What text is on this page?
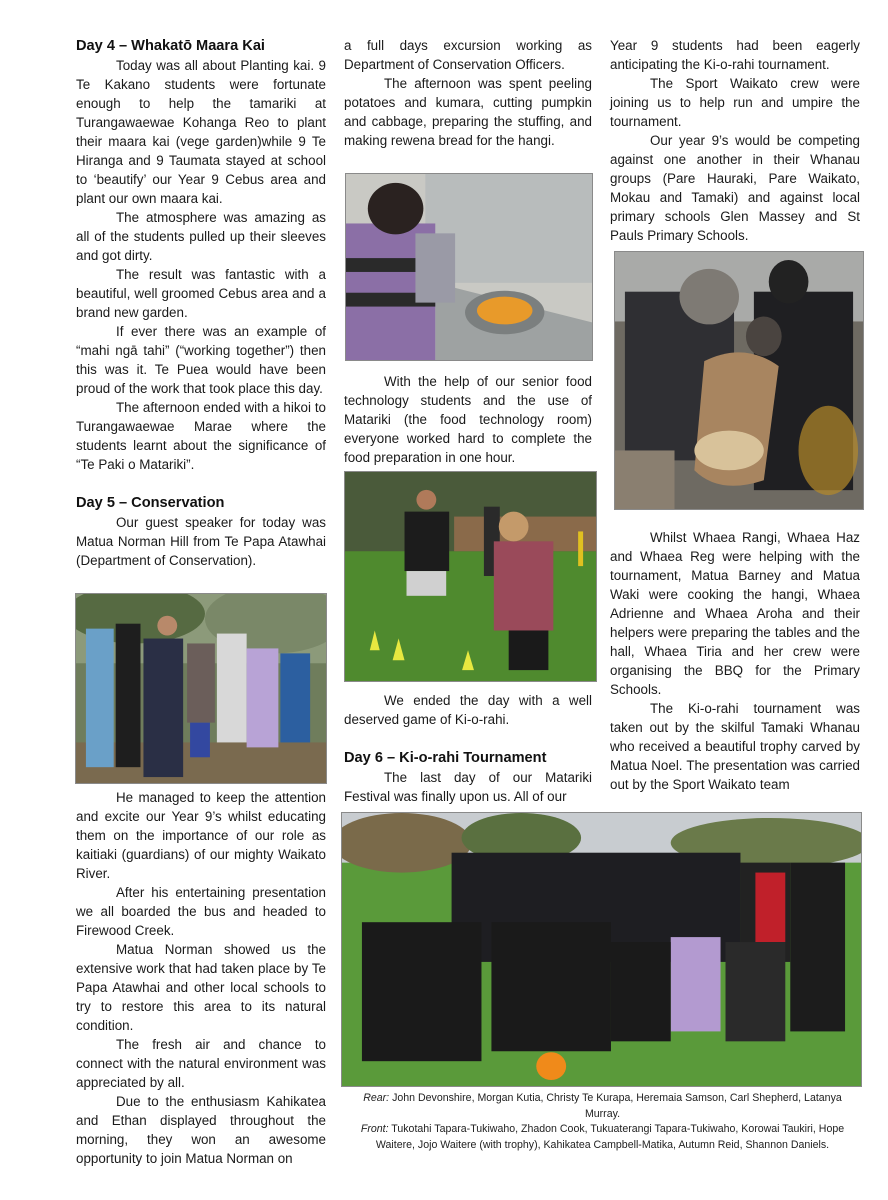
Day 4 – Whakatō Maara Kai

Today was all about Planting kai. 9 Te Kakano students were fortunate enough to help the tamariki at Turangawaewae Kohanga Reo to plant their maara kai (vege garden)while 9 Te Hiranga and 9 Taumata stayed at school to ‘beautify’ our Year 9 Cebus area and plant our own maara kai.

The atmosphere was amazing as all of the students pulled up their sleeves and got dirty.

The result was fantastic with a beautiful, well groomed Cebus area and a brand new garden.

If ever there was an example of “mahi ngā tahi” (“working together”) then this was it. Te Puea would have been proud of the work that took place this day.

The afternoon ended with a hikoi to Turangawaewae Marae where the students learnt about the significance of “Te Paki o Matariki”.

Day 5 – Conservation

Our guest speaker for today was Matua Norman Hill from Te Papa Atawhai (Department of Conservation).

He managed to keep the attention and excite our Year 9’s whilst educating them on the importance of our role as kaitiaki (guardians) of our mighty Waikato River.

After his entertaining presentation we all boarded the bus and headed to Firewood Creek.

Matua Norman showed us the extensive work that had taken place by Te Papa Atawhai and other local schools to try to restore this area to its natural condition.

The fresh air and chance to connect with the natural environment was appreciated by all.

Due to the enthusiasm Kahikatea and Ethan displayed throughout the morning, they won an awesome opportunity to join Matua Norman on

a full days excursion working as Department of Conservation Officers.

The afternoon was spent peeling potatoes and kumara, cutting pumpkin and cabbage, preparing the stuffing, and making rewena bread for the hangi.

With the help of our senior food technology students and the use of Matariki (the food technology room) everyone worked hard to complete the food preparation in one hour.

We ended the day with a well deserved game of Ki-o-rahi.

Day 6 – Ki-o-rahi Tournament

The last day of our Matariki Festival was finally upon us. All of our

Year 9 students had been eagerly anticipating the Ki-o-rahi tournament.

The Sport Waikato crew were joining us to help run and umpire the tournament.

Our year 9’s would be competing against one another in their Whanau groups (Pare Hauraki, Pare Waikato, Mokau and Tamaki) and against local primary schools Glen Massey and St Pauls Primary Schools.

Whilst Whaea Rangi, Whaea Haz and Whaea Reg were helping with the tournament, Matua Barney and Matua Waki were cooking the hangi, Whaea Adrienne and Whaea Aroha and their helpers were preparing the tables and the hall, Whaea Tiria and her crew were organising the BBQ for the Primary Schools.

The Ki-o-rahi tournament was taken out by the skilful Tamaki Whanau who received a beautiful trophy carved by Matua Noel. The presentation was carried out by the Sport Waikato team

Rear: John Devonshire, Morgan Kutia, Christy Te Kurapa, Heremaia Samson, Carl Shepherd, Latanya Murray.
Front: Tukotahi Tapara-Tukiwaho, Zhadon Cook, Tukuaterangi Tapara-Tukiwaho, Korowai Taukiri, Hope Waitere, Jojo Waitere (with trophy), Kahikatea Campbell-Matika, Autumn Reid, Shannon Daniels.
